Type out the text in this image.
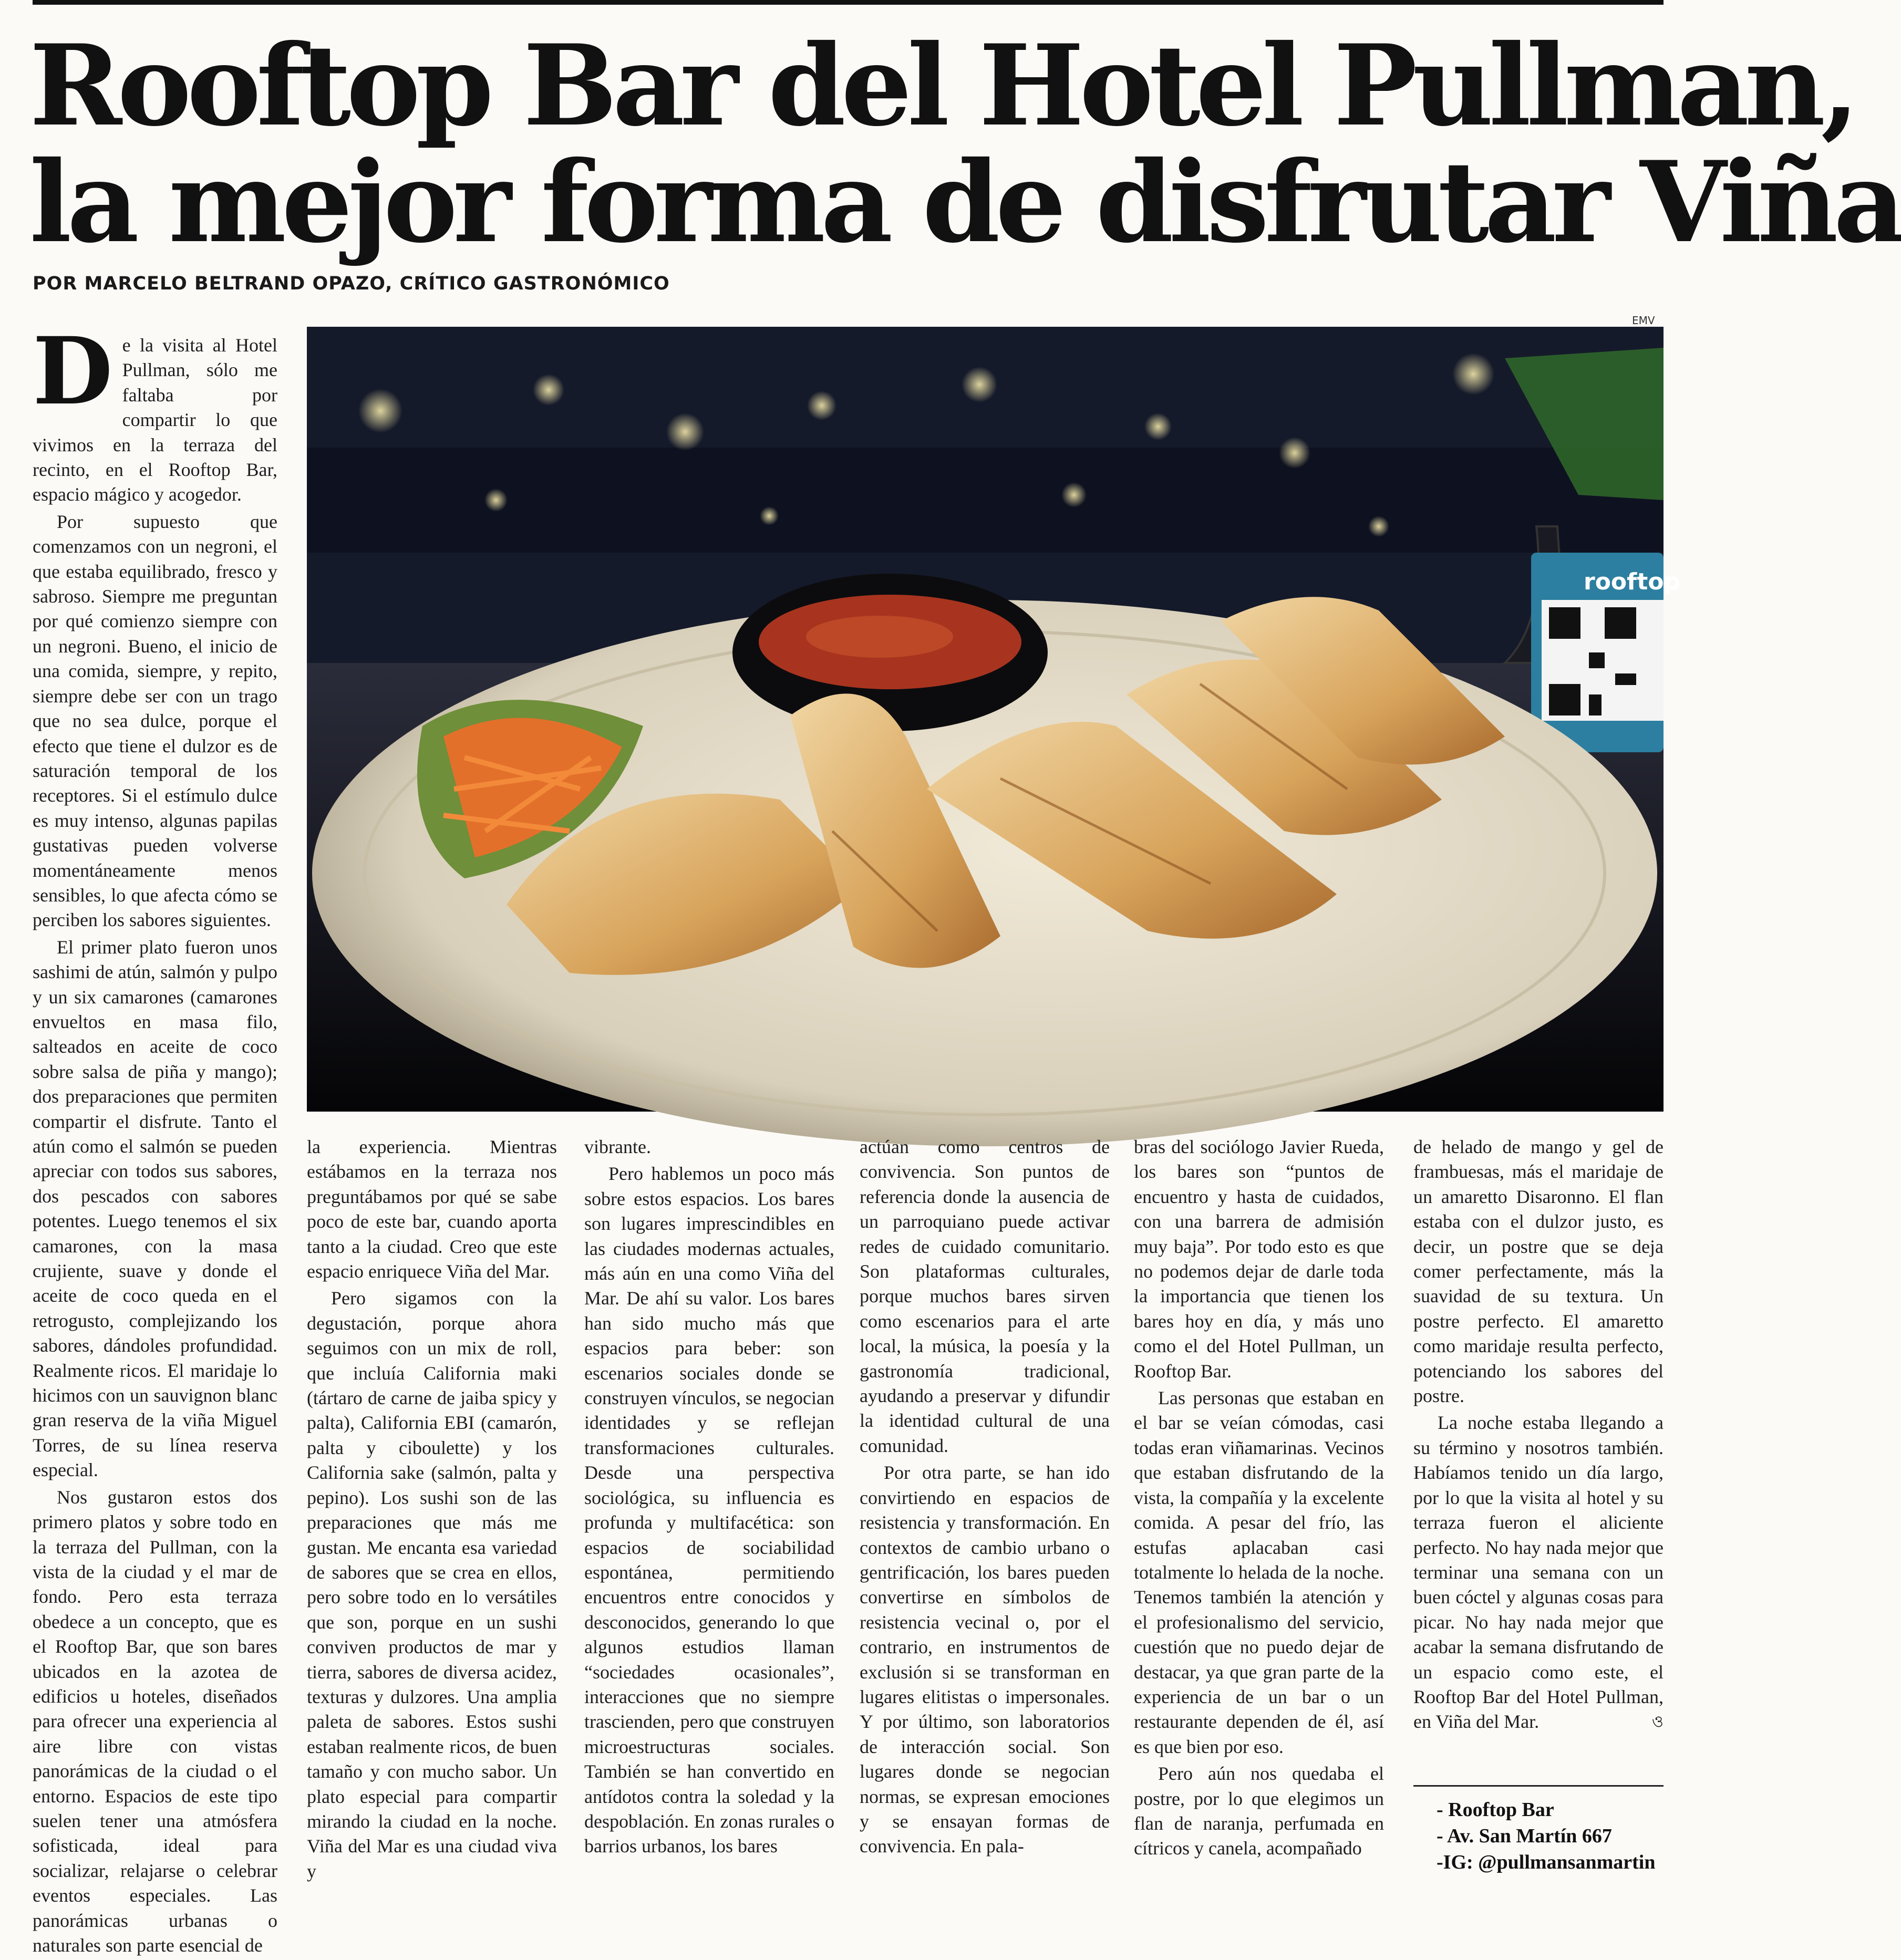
Rooftop Bar del Hotel Pullman,
la mejor forma de disfrutar Viña
POR MARCELO BELTRAND OPAZO, CRÍTICO GASTRONÓMICO
EMV
rooftop

De la visita al Hotel Pullman, sólo me faltaba por compartir lo que vivimos en la terraza del recinto, en el Rooftop Bar, espacio mágico y acogedor.

Por supuesto que comenzamos con un negroni, el que estaba equilibrado, fresco y sabroso. Siempre me preguntan por qué comienzo siempre con un negroni. Bueno, el inicio de una comida, siempre, y repito, siempre debe ser con un trago que no sea dulce, porque el efecto que tiene el dulzor es de saturación temporal de los receptores. Si el estímulo dulce es muy intenso, algunas papilas gustativas pueden volverse momentáneamente menos sensibles, lo que afecta cómo se perciben los sabores siguientes.

El primer plato fueron unos sashimi de atún, salmón y pulpo y un six camarones (camarones envueltos en masa filo, salteados en aceite de coco sobre salsa de piña y mango); dos preparaciones que permiten compartir el disfrute. Tanto el atún como el salmón se pueden apreciar con todos sus sabores, dos pescados con sabores potentes. Luego tenemos el six camarones, con la masa crujiente, suave y donde el aceite de coco queda en el retrogusto, complejizando los sabores, dándoles profundidad. Realmente ricos. El maridaje lo hicimos con un sauvignon blanc gran reserva de la viña Miguel Torres, de su línea reserva especial.

Nos gustaron estos dos primero platos y sobre todo en la terraza del Pullman, con la vista de la ciudad y el mar de fondo. Pero esta terraza obedece a un concepto, que es el Rooftop Bar, que son bares ubicados en la azotea de edificios u hoteles, diseñados para ofrecer una experiencia al aire libre con vistas panorámicas de la ciudad o el entorno. Espacios de este tipo suelen tener una atmósfera sofisticada, ideal para socializar, relajarse o celebrar eventos especiales. Las panorámicas urbanas o naturales son parte esencial de

la experiencia. Mientras estábamos en la terraza nos preguntábamos por qué se sabe poco de este bar, cuando aporta tanto a la ciudad. Creo que este espacio enriquece Viña del Mar.

Pero sigamos con la degustación, porque ahora seguimos con un mix de roll, que incluía California maki (tártaro de carne de jaiba spicy y palta), California EBI (camarón, palta y ciboulette) y los California sake (salmón, palta y pepino). Los sushi son de las preparaciones que más me gustan. Me encanta esa variedad de sabores que se crea en ellos, pero sobre todo en lo versátiles que son, porque en un sushi conviven productos de mar y tierra, sabores de diversa acidez, texturas y dulzores. Una amplia paleta de sabores. Estos sushi estaban realmente ricos, de buen tamaño y con mucho sabor. Un plato especial para compartir mirando la ciudad en la noche. Viña del Mar es una ciudad viva y

vibrante.

Pero hablemos un poco más sobre estos espacios. Los bares son lugares imprescindibles en las ciudades modernas actuales, más aún en una como Viña del Mar. De ahí su valor. Los bares han sido mucho más que espacios para beber: son escenarios sociales donde se construyen vínculos, se negocian identidades y se reflejan transformaciones culturales. Desde una perspectiva sociológica, su influencia es profunda y multifacética: son espacios de sociabilidad espontánea, permitiendo encuentros entre conocidos y desconocidos, generando lo que algunos estudios llaman “sociedades ocasionales”, interacciones que no siempre trascienden, pero que construyen microestructuras sociales. También se han convertido en antídotos contra la soledad y la despoblación. En zonas rurales o barrios urbanos, los bares

actúan como centros de convivencia. Son puntos de referencia donde la ausencia de un parroquiano puede activar redes de cuidado comunitario. Son plataformas culturales, porque muchos bares sirven como escenarios para el arte local, la música, la poesía y la gastronomía tradicional, ayudando a preservar y difundir la identidad cultural de una comunidad.

Por otra parte, se han ido convirtiendo en espacios de resistencia y transformación. En contextos de cambio urbano o gentrificación, los bares pueden convertirse en símbolos de resistencia vecinal o, por el contrario, en instrumentos de exclusión si se transforman en lugares elitistas o impersonales. Y por último, son laboratorios de interacción social. Son lugares donde se negocian normas, se expresan emociones y se ensayan formas de convivencia. En pala-

bras del sociólogo Javier Rueda, los bares son “puntos de encuentro y hasta de cuidados, con una barrera de admisión muy baja”. Por todo esto es que no podemos dejar de darle toda la importancia que tienen los bares hoy en día, y más uno como el del Hotel Pullman, un Rooftop Bar.

Las personas que estaban en el bar se veían cómodas, casi todas eran viñamarinas. Vecinos que estaban disfrutando de la vista, la compañía y la excelente comida. A pesar del frío, las estufas aplacaban casi totalmente lo helada de la noche. Tenemos también la atención y el profesionalismo del servicio, cuestión que no puedo dejar de destacar, ya que gran parte de la experiencia de un bar o un restaurante dependen de él, así es que bien por eso.

Pero aún nos quedaba el postre, por lo que elegimos un flan de naranja, perfumada en cítricos y canela, acompañado

de helado de mango y gel de frambuesas, más el maridaje de un amaretto Disaronno. El flan estaba con el dulzor justo, es decir, un postre que se deja comer perfectamente, más la suavidad de su textura. Un postre perfecto. El amaretto como maridaje resulta perfecto, potenciando los sabores del postre.

La noche estaba llegando a su término y nosotros también. Habíamos tenido un día largo, por lo que la visita al hotel y su terraza fueron el aliciente perfecto. No hay nada mejor que terminar una semana con un buen cóctel y algunas cosas para picar. No hay nada mejor que acabar la semana disfrutando de un espacio como este, el Rooftop Bar del Hotel Pullman, en Viña del Mar.	ও

- Rooftop Bar
- Av. San Martín 667
-IG: @pullmansanmartin
